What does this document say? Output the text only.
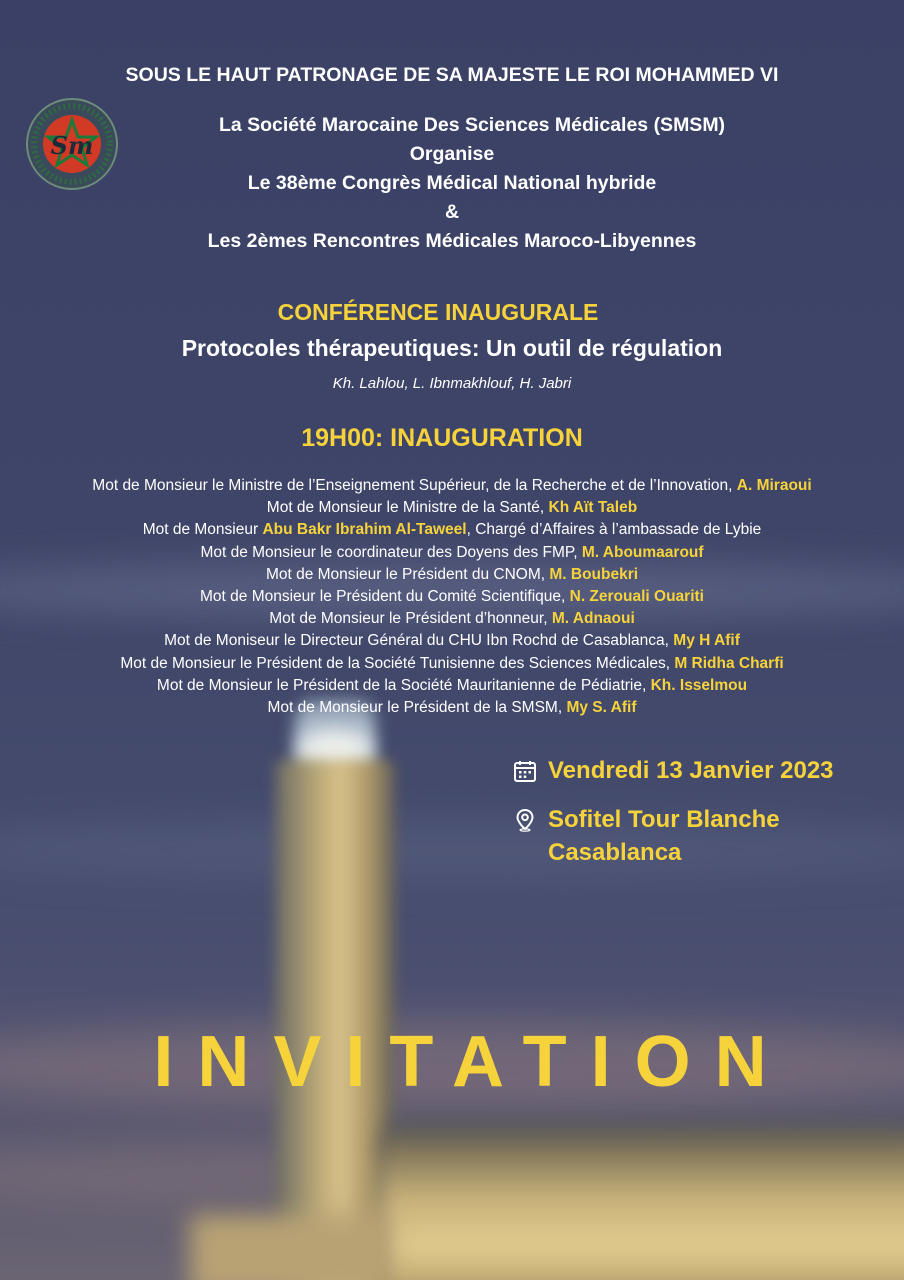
SOUS LE HAUT PATRONAGE DE SA MAJESTE LE ROI MOHAMMED VI
Sm
La Société Marocaine Des Sciences Médicales (SMSM)
Organise
Le 38ème Congrès Médical National hybride
&
Les 2èmes Rencontres Médicales Maroco-Libyennes
CONFÉRENCE INAUGURALE
Protocoles thérapeutiques: Un outil de régulation
Kh. Lahlou, L. Ibnmakhlouf, H. Jabri
19H00: INAUGURATION
Mot de Monsieur le Ministre de l’Enseignement Supérieur, de la Recherche et de l’Innovation, A. Miraoui
Mot de Monsieur le Ministre de la Santé, Kh Aït Taleb
Mot de Monsieur Abu Bakr Ibrahim Al-Taweel, Chargé d’Affaires à l’ambassade de Lybie
Mot de Monsieur le coordinateur des Doyens des FMP, M. Aboumaarouf
Mot de Monsieur le Président du CNOM, M. Boubekri
Mot de Monsieur le Président du Comité Scientifique, N. Zerouali Ouariti
Mot de Monsieur le Président d’honneur, M. Adnaoui
Mot de Moniseur le Directeur Général du CHU Ibn Rochd de Casablanca, My H Afif
Mot de Monsieur le Président de la Société Tunisienne des Sciences Médicales, M Ridha Charfi
Mot de Monsieur le Président de la Société Mauritanienne de Pédiatrie, Kh. Isselmou
Mot de Monsieur le Président de la SMSM, My S. Afif
Vendredi 13 Janvier 2023
Sofitel Tour Blanche
Casablanca
INVITATION
